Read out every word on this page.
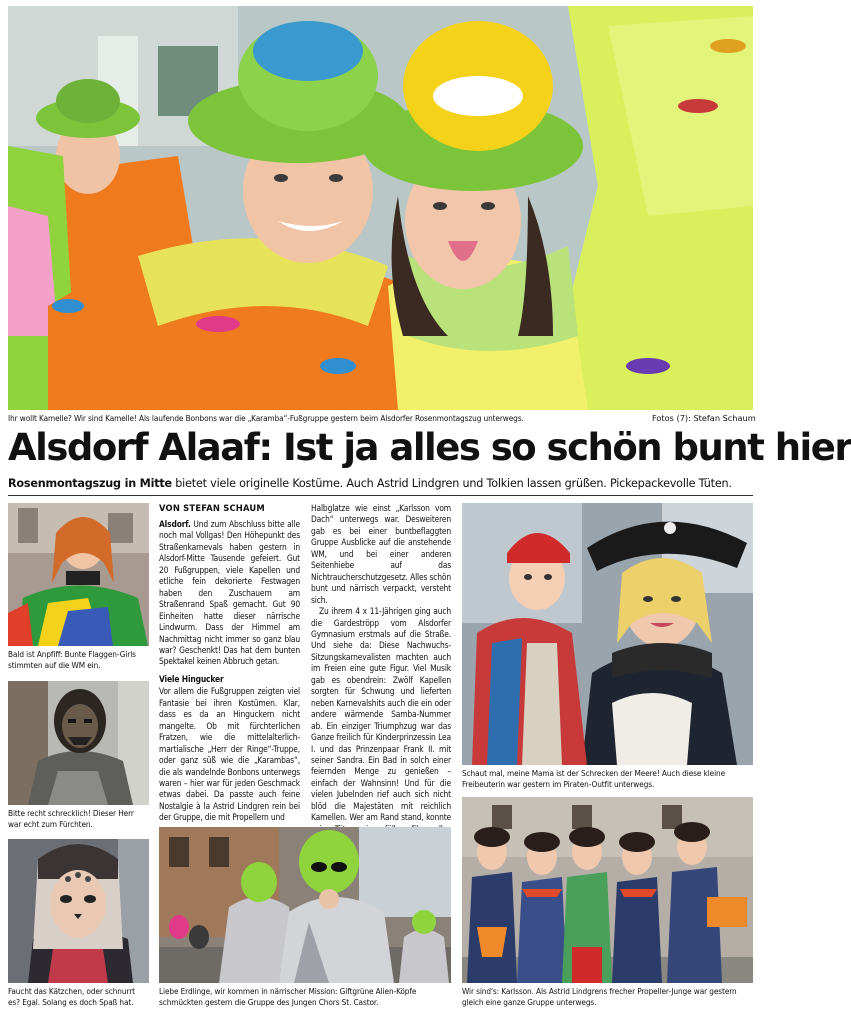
Ihr wollt Kamelle? Wir sind Kamelle! Als laufende Bonbons war die „Karamba“-Fußgruppe gestern beim Alsdorfer Rosenmontagszug unterwegs.	Fotos (7): Stefan Schaum
Alsdorf Alaaf: Ist ja alles so schön bunt hier
Rosenmontagszug in Mitte bietet viele originelle Kostüme. Auch Astrid Lindgren und Tolkien lassen grüßen. Pickepackevolle Tüten.
Bald ist Anpfiff: Bunte Flaggen-Girls stimmten auf die WM ein.
Bitte recht schrecklich! Dieser Herr war echt zum Fürchten.
Faucht das Kätzchen, oder schnurrt es? Egal. Solang es doch Spaß hat.
VON STEFAN SCHAUM

Alsdorf. Und zum Abschluss bitte alle noch mal Vollgas! Den Höhepunkt des Straßenkarnevals haben gestern in Alsdorf-Mitte Tausende gefeiert. Gut 20 Fußgruppen, viele Kapellen und etliche fein dekorierte Festwagen haben den Zuschauern am Straßenrand Spaß gemacht. Gut 90 Einheiten hatte dieser närrische Lindwurm. Dass der Himmel am Nachmittag nicht immer so ganz blau war? Geschenkt! Das hat dem bunten Spektakel keinen Abbruch getan.

Viele Hingucker

Vor allem die Fußgruppen zeigten viel Fantasie bei ihren Kostümen. Klar, dass es da an Hinguckern nicht mangelte. Ob mit fürchterlichen Fratzen, wie die mittelalterlich-martialische „Herr der Ringe“-Truppe, oder ganz süß wie die „Karambas“, die als wandelnde Bonbons unterwegs waren – hier war für jeden Geschmack etwas dabei. Da passte auch feine Nostalgie à la Astrid Lindgren rein bei der Gruppe, die mit Propellern und

Halbglatze wie einst „Karlsson vom Dach“ unterwegs war. Desweiteren gab es bei einer buntbeflaggten Gruppe Ausblicke auf die anstehende WM, und bei einer anderen Seitenhiebe auf das Nichtraucherschutzgesetz. Alles schön bunt und närrisch verpackt, versteht sich.

Zu ihrem 4 x 11-Jährigen ging auch die Gardeströpp vom Alsdorfer Gymnasium erstmals auf die Straße. Und siehe da: Diese Nachwuchs-Sitzungskarnevalisten machten auch im Freien eine gute Figur. Viel Musik gab es obendrein: Zwölf Kapellen sorgten für Schwung und lieferten neben Karnevalshits auch die ein oder andere wärmende Samba-Nummer ab. Ein einziger Triumphzug war das Ganze freilich für Kinderprinzessin Lea I. und das Prinzenpaar Frank II. mit seiner Sandra. Ein Bad in solch einer feiernden Menge zu genießen – einfach der Wahnsinn! Und für die vielen Jubelnden rief auch sich nicht blöd die Majestäten mit reichlich Kamellen. Wer am Rand stand, konnte

Liebe Erdlinge, wir kommen in närrischer Mission: Giftgrüne Alien-Köpfe schmückten gestern die Gruppe des Jungen Chors St. Castor.
Schaut mal, meine Mama ist der Schrecken der Meere! Auch diese kleine Freibeuterin war gestern im Piraten-Outfit unterwegs.
Wir sind's: Karlsson. Als Astrid Lindgrens frecher Propeller-Junge war gestern gleich eine ganze Gruppe unterwegs.
